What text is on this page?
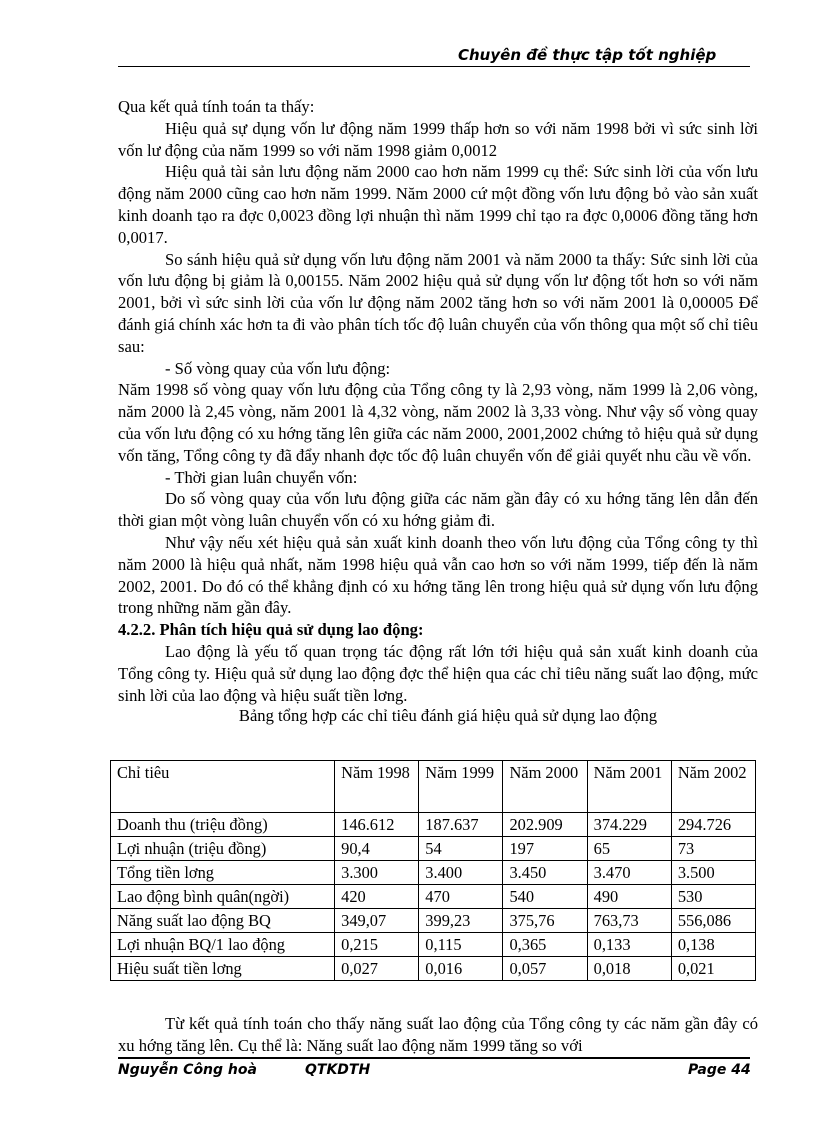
Chuyên đề thực tập tốt nghiệp

Qua kết quả tính toán ta thấy:

Hiệu quả sự dụng vốn lư động năm 1999 thấp hơn so với năm 1998 bởi vì sức sinh lời vốn lư động của năm 1999 so với năm 1998 giảm 0,0012

Hiệu quả tài sản lưu động năm 2000 cao hơn năm 1999 cụ thể: Sức sinh lời của vốn lưu động năm 2000 cũng cao hơn năm 1999. Năm 2000 cứ một đồng vốn lưu động bỏ vào sản xuất kinh doanh tạo ra đợc 0,0023 đồng lợi nhuận thì năm 1999 chỉ tạo ra đợc 0,0006 đồng tăng hơn 0,0017.

So sánh hiệu quả sử dụng vốn lưu động năm 2001 và năm 2000 ta thấy: Sức sinh lời của vốn lưu động bị giảm là 0,00155. Năm 2002 hiệu quả sử dụng vốn lư động tốt hơn so với năm 2001, bởi vì sức sinh lời của vốn lư động năm 2002 tăng hơn so với năm 2001 là 0,00005 Để đánh giá chính xác hơn ta đi vào phân tích tốc độ luân chuyển của vốn thông qua một số chỉ tiêu sau:

- Số vòng quay của vốn lưu động:

Năm 1998 số vòng quay vốn lưu động của Tổng công ty là 2,93 vòng, năm 1999 là 2,06 vòng, năm 2000 là 2,45 vòng, năm 2001 là 4,32 vòng, năm 2002 là 3,33 vòng. Như vậy số vòng quay của vốn lưu động có xu hớng tăng lên giữa các năm 2000, 2001,2002 chứng tỏ hiệu quả sử dụng vốn tăng, Tổng công ty đã đẩy nhanh đợc tốc độ luân chuyển vốn để giải quyết nhu cầu về vốn.

- Thời gian luân chuyển vốn:

Do số vòng quay của vốn lưu động giữa các năm gần đây có xu hớng tăng lên dẫn đến thời gian một vòng luân chuyển vốn có xu hớng giảm đi.

Như vậy nếu xét hiệu quả sản xuất kinh doanh theo vốn lưu động của Tổng công ty thì năm 2000 là hiệu quả nhất, năm 1998 hiệu quả vẫn cao hơn so với năm 1999, tiếp đến là năm 2002, 2001. Do đó có thể khẳng định có xu hớng tăng lên trong hiệu quả sử dụng vốn lưu động trong những năm gần đây.

4.2.2. Phân tích hiệu quả sử dụng lao động:

Lao động là yếu tố quan trọng tác động rất lớn tới hiệu quả sản xuất kinh doanh của Tổng công ty. Hiệu quả sử dụng lao động đợc thể hiện qua các chỉ tiêu năng suất lao động, mức sinh lời của lao động và hiệu suất tiền lơng.

Bảng tổng hợp các chỉ tiêu đánh giá hiệu quả sử dụng lao động
Chỉ tiêu	Năm 1998	Năm 1999	Năm 2000	Năm 2001	Năm 2002
Doanh thu (triệu đồng)	146.612	187.637	202.909	374.229	294.726
Lợi nhuận (triệu đồng)	90,4	54	197	65	73
Tổng tiền lơng	3.300	3.400	3.450	3.470	3.500
Lao động bình quân(ngời)	420	470	540	490	530
Năng suất lao động BQ	349,07	399,23	375,76	763,73	556,086
Lợi nhuận BQ/1 lao động	0,215	0,115	0,365	0,133	0,138
Hiệu suất tiền lơng	0,027	0,016	0,057	0,018	0,021

Từ kết quả tính toán cho thấy năng suất lao động của Tổng công ty các năm gần đây có xu hớng tăng lên. Cụ thể là: Năng suất lao động năm 1999 tăng so với

Nguyễn Công hoà	QTKDTH	Page 44
